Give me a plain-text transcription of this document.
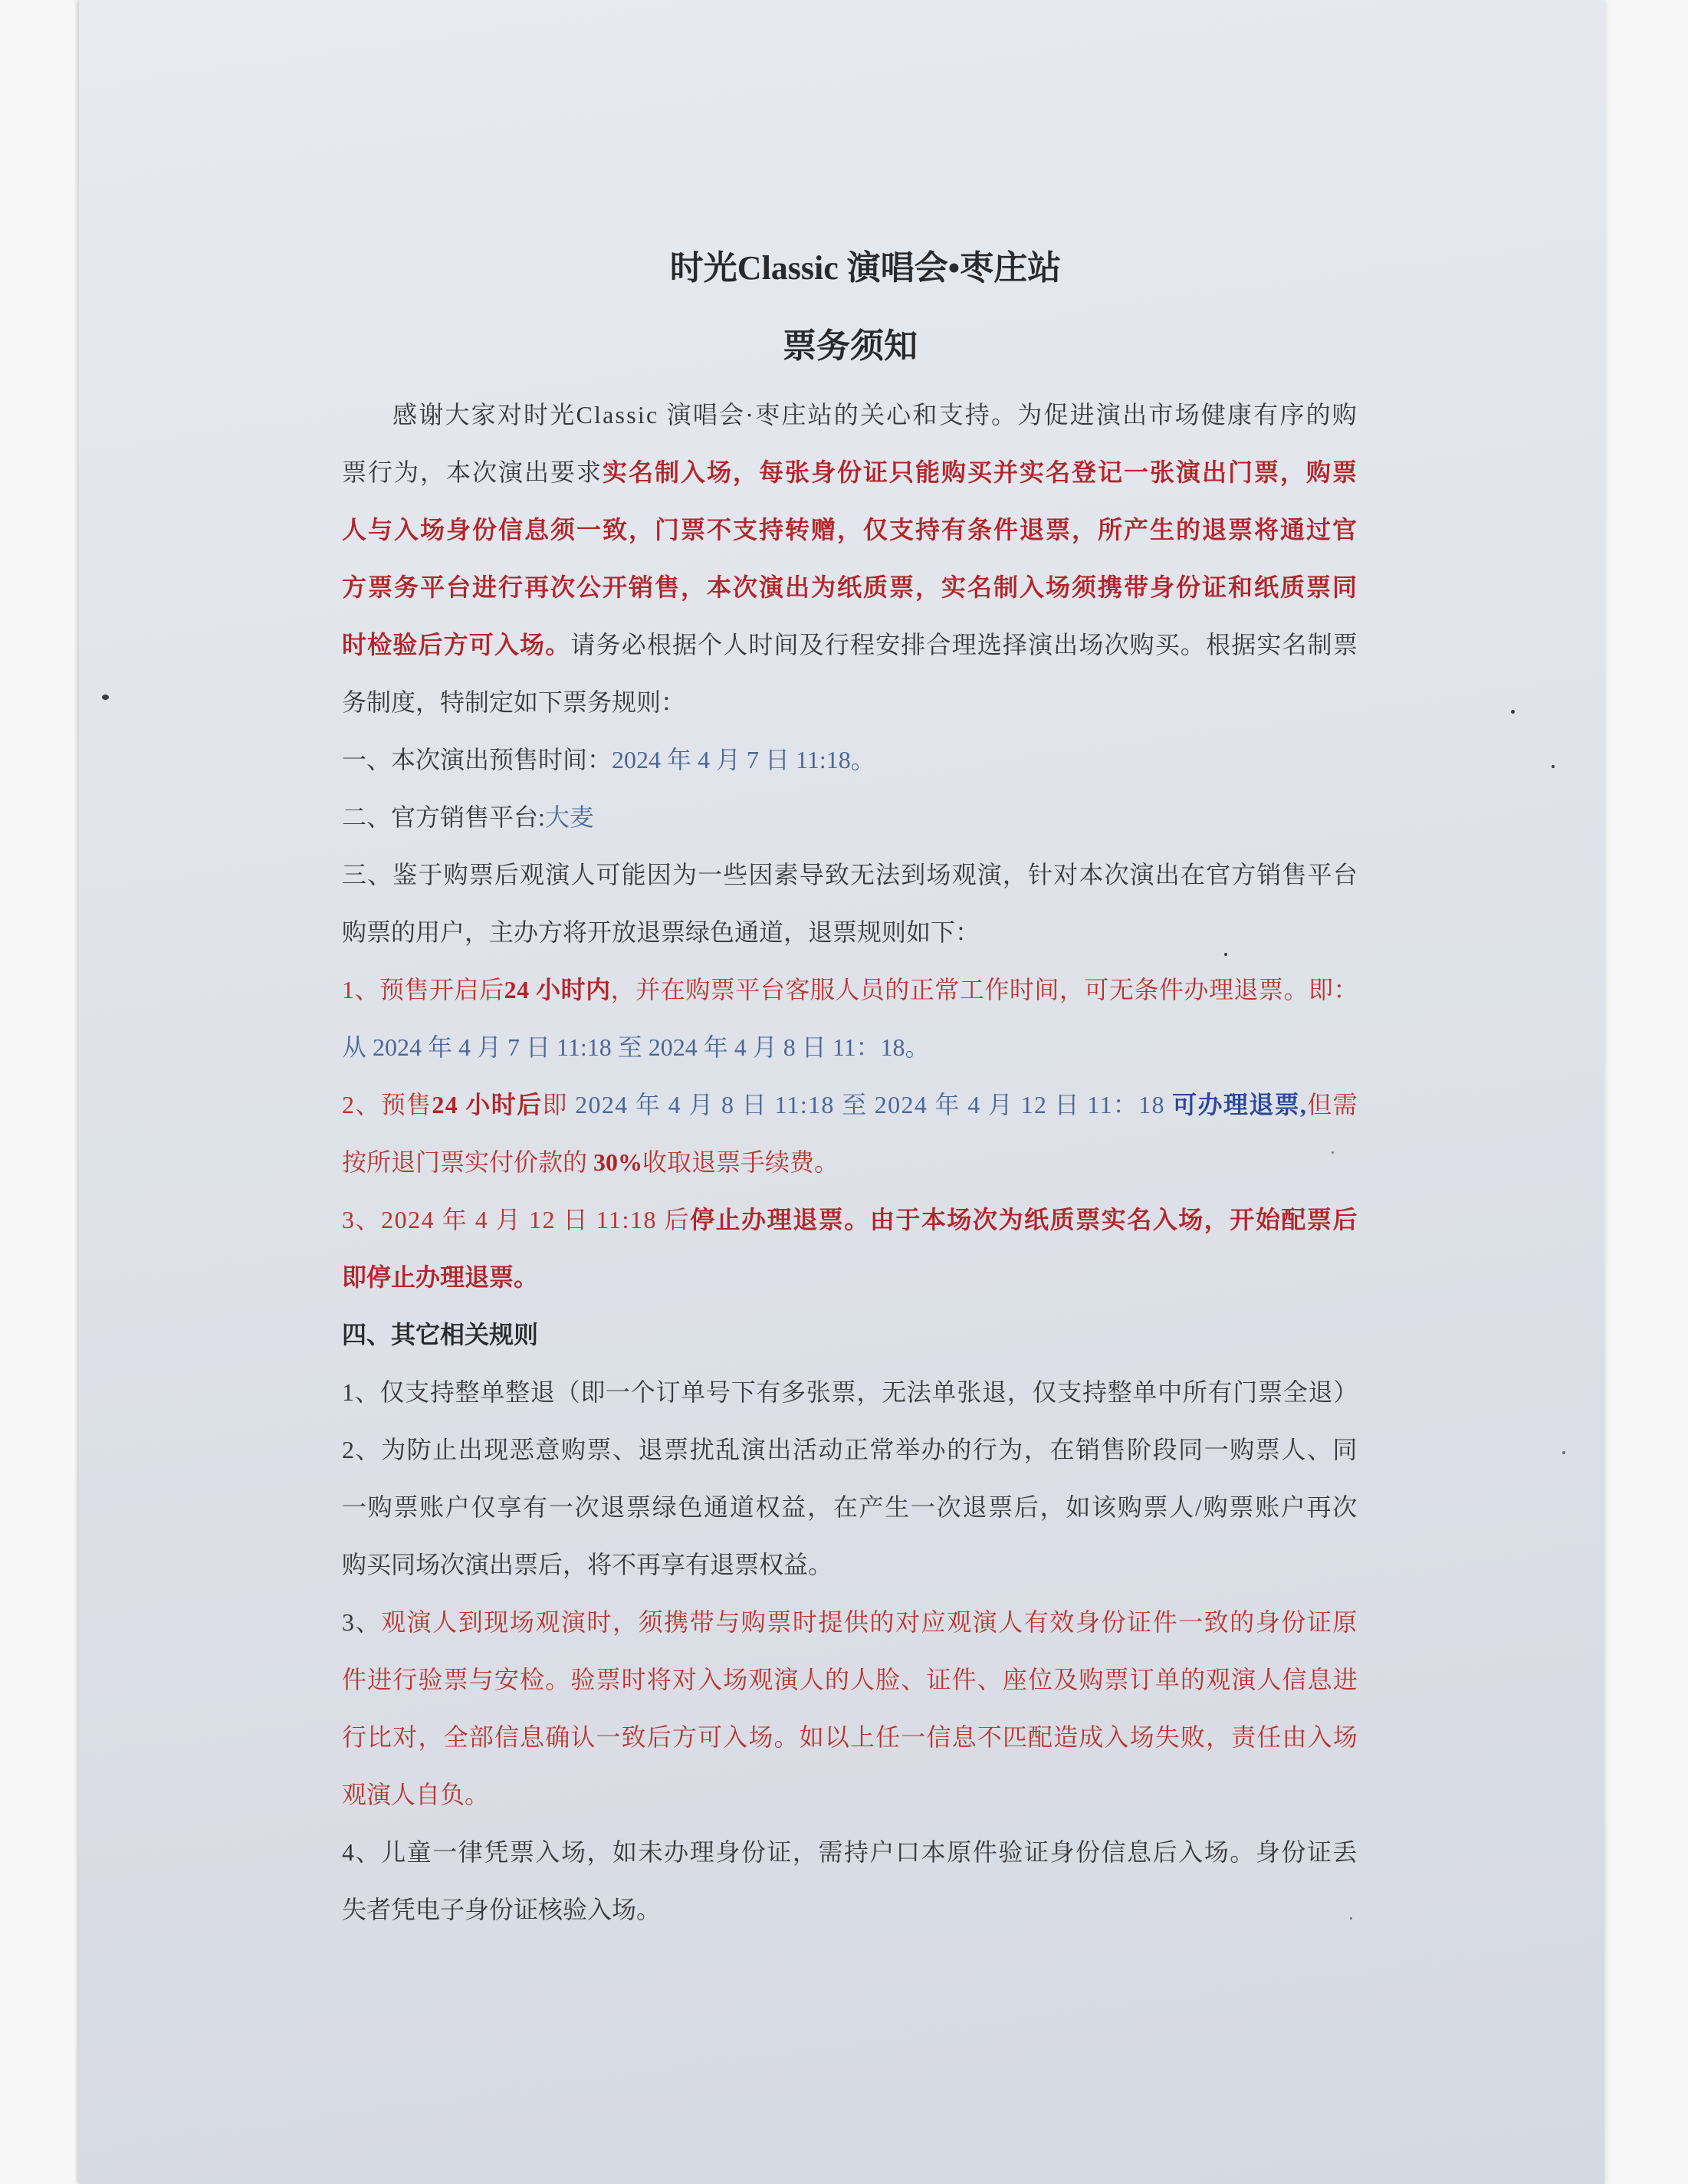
时光Classic 演唱会•枣庄站
票务须知
感谢大家对时光Classic 演唱会·枣庄站的关心和支持。为促进演出市场健康有序的购
票行为，本次演出要求实名制入场，每张身份证只能购买并实名登记一张演出门票，购票
人与入场身份信息须一致，门票不支持转赠，仅支持有条件退票，所产生的退票将通过官
方票务平台进行再次公开销售，本次演出为纸质票，实名制入场须携带身份证和纸质票同
时检验后方可入场。请务必根据个人时间及行程安排合理选择演出场次购买。根据实名制票
务制度，特制定如下票务规则：
一、本次演出预售时间：2024 年 4 月 7 日 11:18。
二、官方销售平台:大麦
三、鉴于购票后观演人可能因为一些因素导致无法到场观演，针对本次演出在官方销售平台
购票的用户，主办方将开放退票绿色通道，退票规则如下：
1、预售开启后24 小时内，并在购票平台客服人员的正常工作时间，可无条件办理退票。即：
从 2024 年 4 月 7 日 11:18 至 2024 年 4 月 8 日 11：18。
2、预售24 小时后即 2024 年 4 月 8 日 11:18 至 2024 年 4 月 12 日 11：18 可办理退票,但需
按所退门票实付价款的 30%收取退票手续费。
3、2024 年 4 月 12 日 11:18 后停止办理退票。由于本场次为纸质票实名入场，开始配票后
即停止办理退票。
四、其它相关规则
1、仅支持整单整退（即一个订单号下有多张票，无法单张退，仅支持整单中所有门票全退）
2、为防止出现恶意购票、退票扰乱演出活动正常举办的行为，在销售阶段同一购票人、同
一购票账户仅享有一次退票绿色通道权益，在产生一次退票后，如该购票人/购票账户再次
购买同场次演出票后，将不再享有退票权益。
3、观演人到现场观演时，须携带与购票时提供的对应观演人有效身份证件一致的身份证原
件进行验票与安检。验票时将对入场观演人的人脸、证件、座位及购票订单的观演人信息进
行比对，全部信息确认一致后方可入场。如以上任一信息不匹配造成入场失败，责任由入场
观演人自负。
4、儿童一律凭票入场，如未办理身份证，需持户口本原件验证身份信息后入场。身份证丢
失者凭电子身份证核验入场。
